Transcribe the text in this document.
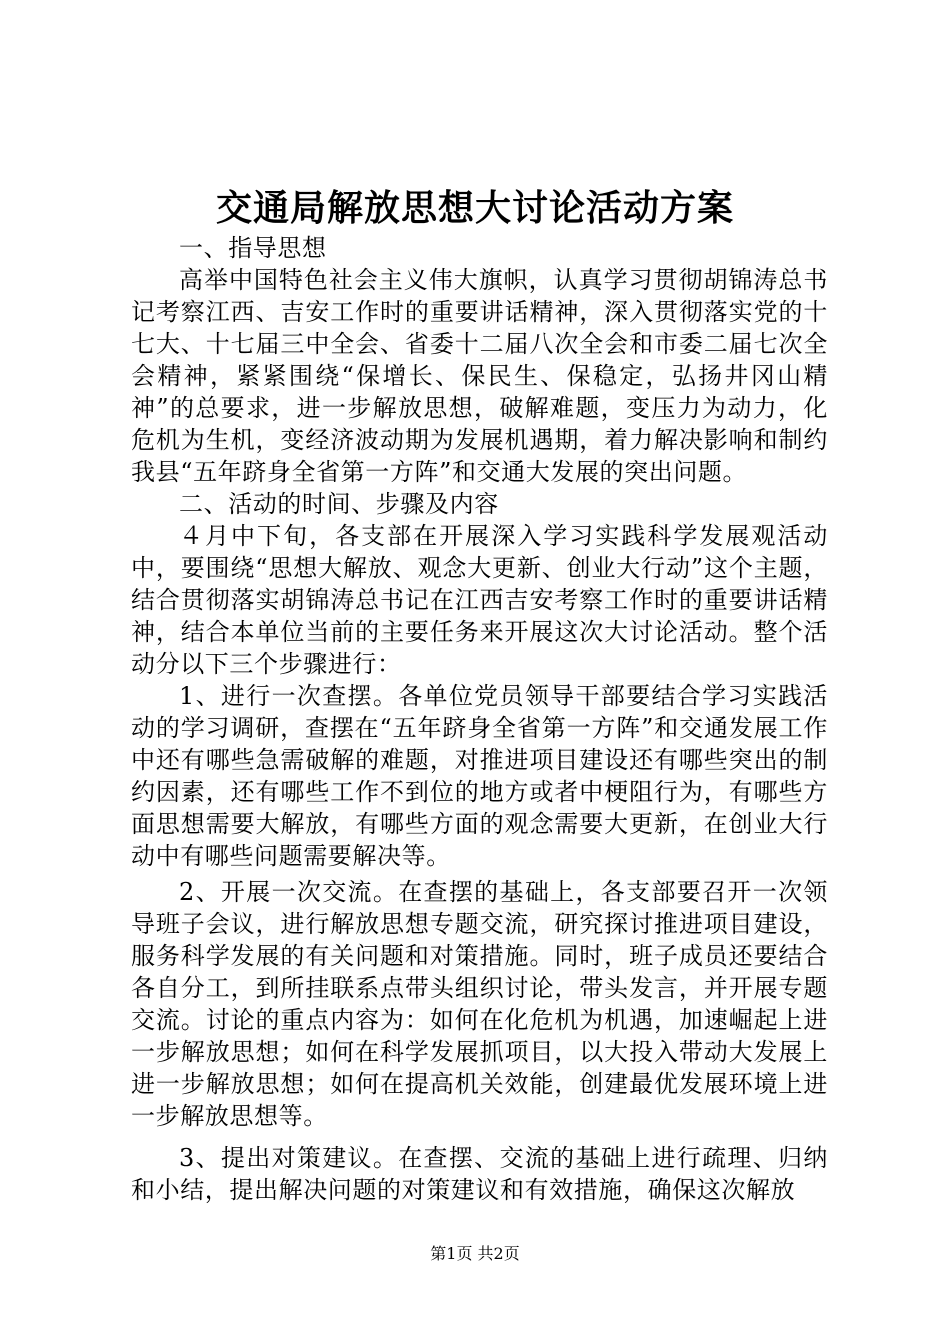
交通局解放思想大讨论活动方案

一、指导思想

高举中国特色社会主义伟大旗帜，认真学习贯彻胡锦涛总书记考察江西、吉安工作时的重要讲话精神，深入贯彻落实党的十七大、十七届三中全会、省委十二届八次全会和市委二届七次全会精神，紧紧围绕“保增长、保民生、保稳定，弘扬井冈山精神”的总要求，进一步解放思想，破解难题，变压力为动力，化危机为生机，变经济波动期为发展机遇期，着力解决影响和制约我县“五年跻身全省第一方阵”和交通大发展的突出问题。

二、活动的时间、步骤及内容

４月中下旬，各支部在开展深入学习实践科学发展观活动中，要围绕“思想大解放、观念大更新、创业大行动”这个主题，结合贯彻落实胡锦涛总书记在江西吉安考察工作时的重要讲话精神，结合本单位当前的主要任务来开展这次大讨论活动。整个活动分以下三个步骤进行：

1、进行一次查摆。各单位党员领导干部要结合学习实践活动的学习调研，查摆在“五年跻身全省第一方阵”和交通发展工作中还有哪些急需破解的难题，对推进项目建设还有哪些突出的制约因素，还有哪些工作不到位的地方或者中梗阻行为，有哪些方面思想需要大解放，有哪些方面的观念需要大更新，在创业大行动中有哪些问题需要解决等。

2、开展一次交流。在查摆的基础上，各支部要召开一次领导班子会议，进行解放思想专题交流，研究探讨推进项目建设，服务科学发展的有关问题和对策措施。同时，班子成员还要结合各自分工，到所挂联系点带头组织讨论，带头发言，并开展专题交流。讨论的重点内容为：如何在化危机为机遇，加速崛起上进一步解放思想；如何在科学发展抓项目，以大投入带动大发展上进一步解放思想；如何在提高机关效能，创建最优发展环境上进一步解放思想等。

3、提出对策建议。在查摆、交流的基础上进行疏理、归纳和小结，提出解决问题的对策建议和有效措施，确保这次解放

第1页 共2页
